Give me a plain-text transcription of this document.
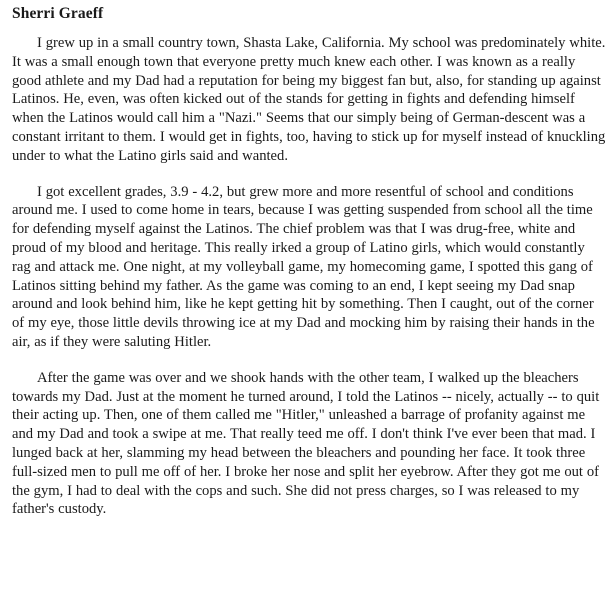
Sherri Graeff

I grew up in a small country town, Shasta Lake, California. My school was predominately white. It was a small enough town that everyone pretty much knew each other. I was known as a really good athlete and my Dad had a reputation for being my biggest fan but, also, for standing up against Latinos. He, even, was often kicked out of the stands for getting in fights and defending himself when the Latinos would call him a "Nazi." Seems that our simply being of German-descent was a constant irritant to them. I would get in fights, too, having to stick up for myself instead of knuckling under to what the Latino girls said and wanted.

I got excellent grades, 3.9 - 4.2, but grew more and more resentful of school and conditions around me. I used to come home in tears, because I was getting suspended from school all the time for defending myself against the Latinos. The chief problem was that I was drug-free, white and proud of my blood and heritage. This really irked a group of Latino girls, which would constantly rag and attack me. One night, at my volleyball game, my homecoming game, I spotted this gang of Latinos sitting behind my father. As the game was coming to an end, I kept seeing my Dad snap around and look behind him, like he kept getting hit by something. Then I caught, out of the corner of my eye, those little devils throwing ice at my Dad and mocking him by raising their hands in the air, as if they were saluting Hitler.

After the game was over and we shook hands with the other team, I walked up the bleachers towards my Dad. Just at the moment he turned around, I told the Latinos -- nicely, actually -- to quit their acting up. Then, one of them called me "Hitler," unleashed a barrage of profanity against me and my Dad and took a swipe at me. That really teed me off. I don't think I've ever been that mad. I lunged back at her, slamming my head between the bleachers and pounding her face. It took three full-sized men to pull me off of her. I broke her nose and split her eyebrow. After they got me out of the gym, I had to deal with the cops and such. She did not press charges, so I was released to my father's custody.
